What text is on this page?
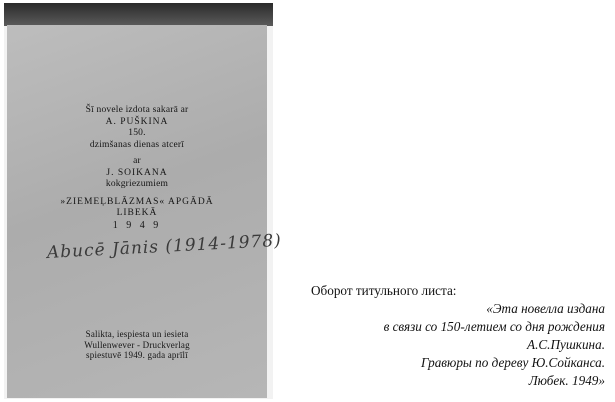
Šī novele izdota sakarā ar
A. PUŠKINA
150.
dzimšanas dienas atcerī
ar
J. SOIKANA
kokgriezumiem
»ZIEMEĻBLĀZMAS« APGĀDĀ
LIBEKĀ
1 9 4 9
Abucē Jānis (1914-1978)
Salikta, iespiesta un iesieta
Wullenwever - Druckverlag
spiestuvē 1949. gada aprīlī
Оборот титульного листа:
«Эта новелла издана
в связи со 150-летием со дня рождения
А.С.Пушкина.
Гравюры по дереву Ю.Сойканса.
Любек. 1949»
